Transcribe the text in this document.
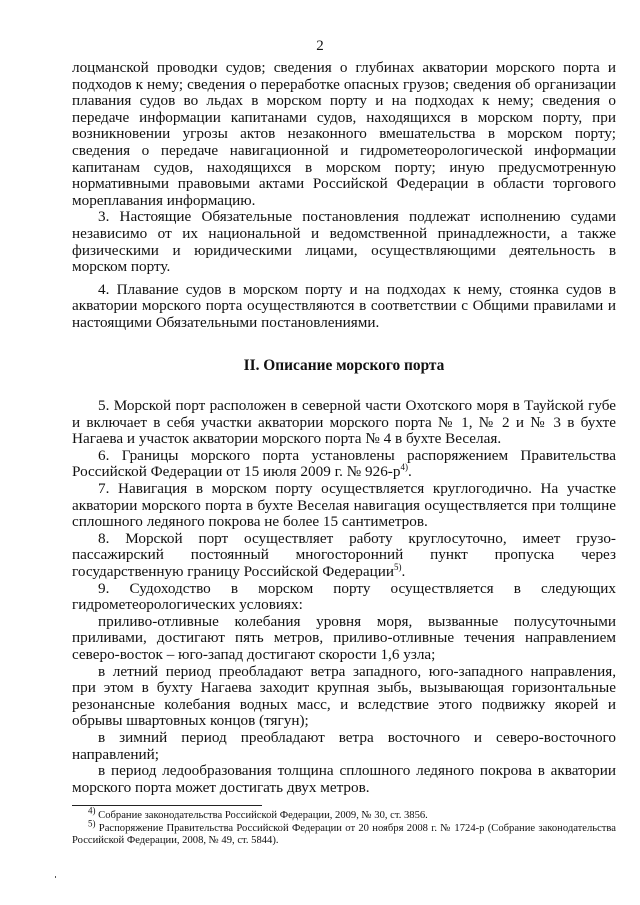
2

лоцманской проводки судов; сведения о глубинах акватории морского порта и подходов к нему; сведения о переработке опасных грузов; сведения об организации плавания судов во льдах в морском порту и на подходах к нему; сведения о передаче информации капитанами судов, находящихся в морском порту, при возникновении угрозы актов незаконного вмешательства в морском порту; сведения о передаче навигационной и гидрометеорологической информации капитанам судов, находящихся в морском порту; иную предусмотренную нормативными правовыми актами Российской Федерации в области торгового мореплавания информацию.

3. Настоящие Обязательные постановления подлежат исполнению судами независимо от их национальной и ведомственной принадлежности, а также физическими и юридическими лицами, осуществляющими деятельность в морском порту.

4. Плавание судов в морском порту и на подходах к нему, стоянка судов в акватории морского порта осуществляются в соответствии с Общими правилами и настоящими Обязательными постановлениями.

II. Описание морского порта

5. Морской порт расположен в северной части Охотского моря в Тауйской губе и включает в себя участки акватории морского порта № 1, № 2 и № 3 в бухте Нагаева и участок акватории морского порта № 4 в бухте Веселая.

6. Границы морского порта установлены распоряжением Правительства Российской Федерации от 15 июля 2009 г. № $926-р^{4)}$.

7. Навигация в морском порту осуществляется круглогодично. На участке акватории морского порта в бухте Веселая навигация осуществляется при толщине сплошного ледяного покрова не более 15 сантиметров.

8. Морской порт осуществляет работу круглосуточно, имеет грузо-пассажирский постоянный многосторонний пункт пропуска через государственную границу Российской Федерации$^{5)}$.

9. Судоходство в морском порту осуществляется в следующих гидрометеорологических условиях:

приливо-отливные колебания уровня моря, вызванные полусуточными приливами, достигают пять метров, приливо-отливные течения направлением северо-восток – юго-запад достигают скорости 1,6 узла;

в летний период преобладают ветра западного, юго-западного направления, при этом в бухту Нагаева заходит крупная зыбь, вызывающая горизонтальные резонансные колебания водных масс, и вследствие этого подвижку якорей и обрывы швартовных концов (тягун);

в зимний период преобладают ветра восточного и северо-восточного направлений;

в период ледообразования толщина сплошного ледяного покрова в акватории морского порта может достигать двух метров.

$^{4)}$ Собрание законодательства Российской Федерации, 2009, № 30, ст. 3856.

$^{5)}$ Распоряжение Правительства Российской Федерации от 20 ноября 2008 г. № 1724-р (Собрание законодательства Российской Федерации, 2008, № 49, ст. 5844).
